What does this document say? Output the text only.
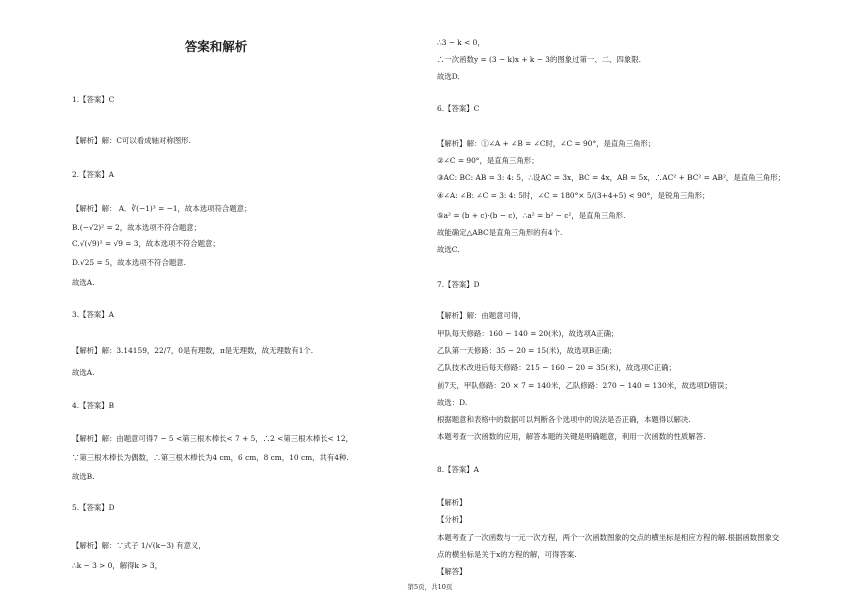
答案和解析
1.【答案】C
【解析】解：C可以看成轴对称图形.
2.【答案】A
【解析】解： A．∛(−1)³ = −1，故本选项符合题意；
B.(−√2)² = 2，故本选项不符合题意；
C.√(√9)² = √9 = 3，故本选项不符合题意；
D.√25 = 5，故本选项不符合题意.
故选A.
3.【答案】A
【解析】解：3.14159，22/7，0是有理数，π是无理数，故无理数有1个.
故选A.
4.【答案】B
【解析】解：由题意可得7 − 5 <第三根木棒长< 7 + 5，∴2 <第三根木棒长< 12，
∵第三根木棒长为偶数，∴第三根木棒长为4 cm，6 cm，8 cm，10 cm，共有4种.
故选B.
5.【答案】D
【解析】解：∵式子 1/√(k−3) 有意义，
∴k − 3 > 0，解得k > 3，
∴3 − k < 0，
∴一次函数y = (3 − k)x + k − 3的图象过第一、二、四象限.
故选D.
6.【答案】C
【解析】解：①∠A + ∠B = ∠C时，∠C = 90°，是直角三角形；
②∠C = 90°，是直角三角形；
③AC: BC: AB = 3: 4: 5，∴设AC = 3x，BC = 4x，AB = 5x，∴AC² + BC² = AB²，是直角三角形；
④∠A: ∠B: ∠C = 3: 4: 5时，∠C = 180°× 5/(3+4+5) < 90°，是锐角三角形；
⑤a² = (b + c)·(b − c)，∴a² = b² − c²，是直角三角形.
故能确定△ABC是直角三角形的有4个.
故选C.
7.【答案】D
【解析】解：由题意可得，
甲队每天修路：160 − 140 = 20(米)，故选项A正确；
乙队第一天修路：35 − 20 = 15(米)，故选项B正确；
乙队技术改进后每天修路：215 − 160 − 20 = 35(米)，故选项C正确；
前7天，甲队修路：20 × 7 = 140米，乙队修路：270 − 140 = 130米，故选项D错误；
故选：D.
根据题意和表格中的数据可以判断各个选项中的说法是否正确，本题得以解决.
本题考查一次函数的应用，解答本题的关键是明确题意，利用一次函数的性质解答.
8.【答案】A
【解析】
【分析】
本题考查了一次函数与一元一次方程，两个一次函数图象的交点的横坐标是相应方程的解.根据函数图象交
点的横坐标是关于x的方程的解，可得答案.
【解答】
第5页，共10页
